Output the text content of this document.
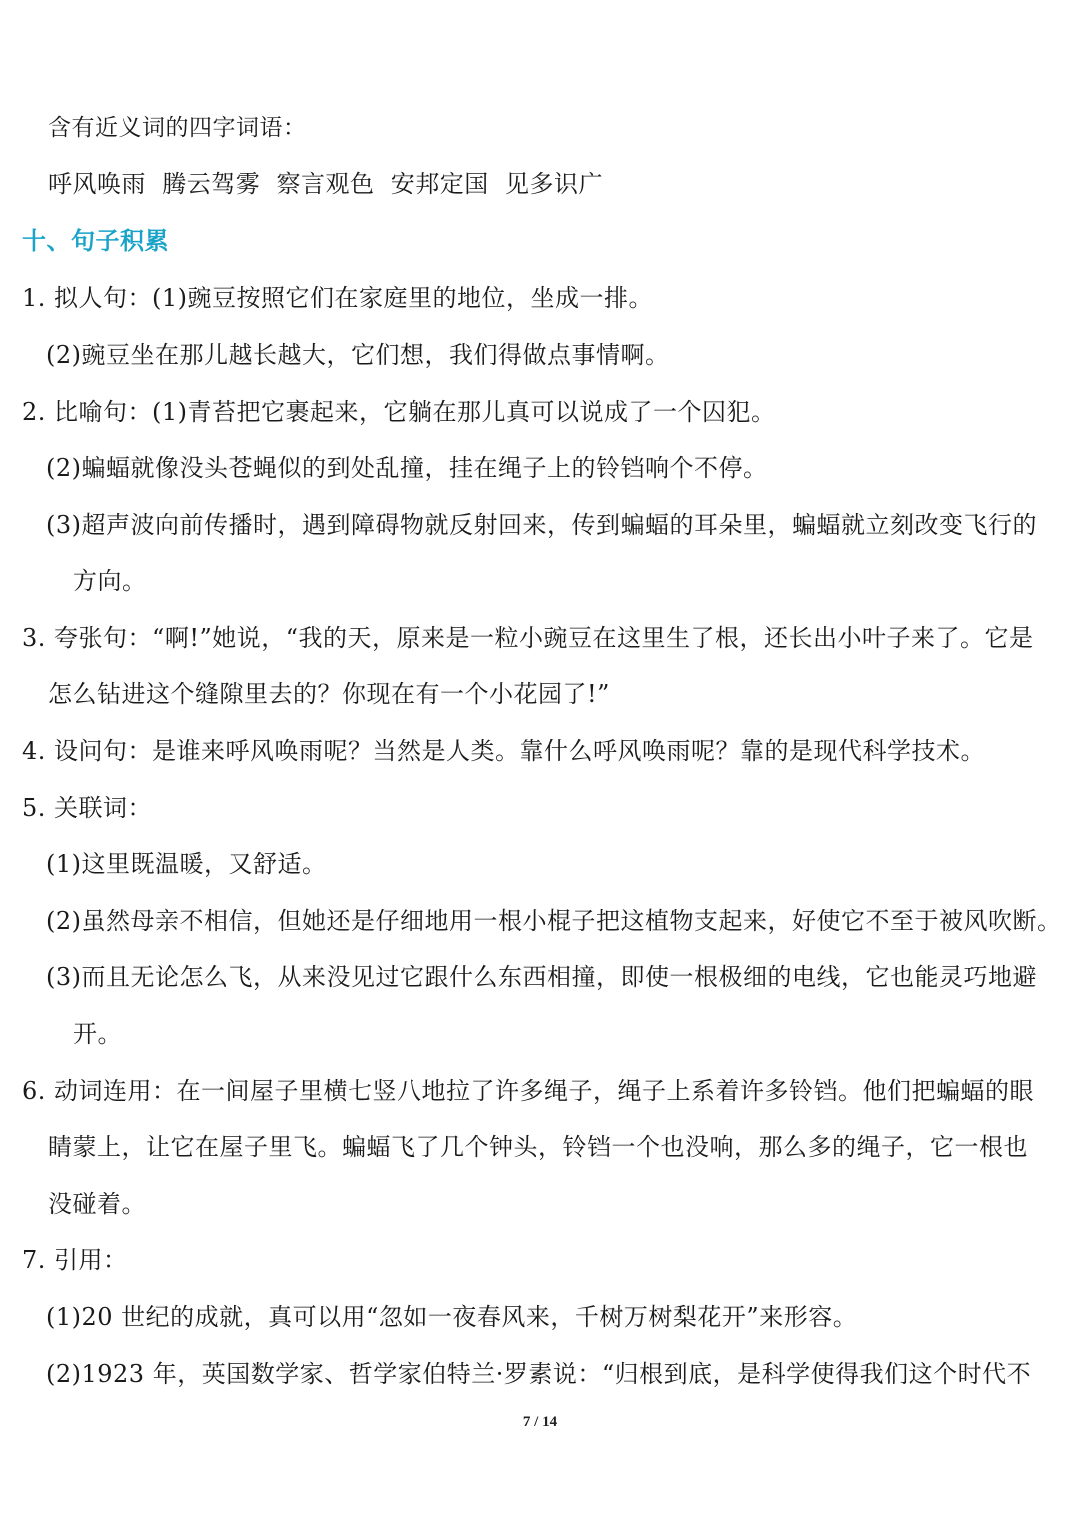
含有近义词的四字词语：
呼风唤雨  腾云驾雾  察言观色  安邦定国  见多识广
十、句子积累
1. 拟人句：(1)豌豆按照它们在家庭里的地位，坐成一排。
(2)豌豆坐在那儿越长越大，它们想，我们得做点事情啊。
2. 比喻句：(1)青苔把它裹起来，它躺在那儿真可以说成了一个囚犯。
(2)蝙蝠就像没头苍蝇似的到处乱撞，挂在绳子上的铃铛响个不停。
(3)超声波向前传播时，遇到障碍物就反射回来，传到蝙蝠的耳朵里，蝙蝠就立刻改变飞行的
方向。
3. 夸张句：“啊!”她说，“我的天，原来是一粒小豌豆在这里生了根，还长出小叶子来了。它是
怎么钻进这个缝隙里去的？你现在有一个小花园了!”
4. 设问句：是谁来呼风唤雨呢？当然是人类。靠什么呼风唤雨呢？靠的是现代科学技术。
5. 关联词：
(1)这里既温暖，又舒适。
(2)虽然母亲不相信，但她还是仔细地用一根小棍子把这植物支起来，好使它不至于被风吹断。
(3)而且无论怎么飞，从来没见过它跟什么东西相撞，即使一根极细的电线，它也能灵巧地避
开。
6. 动词连用：在一间屋子里横七竖八地拉了许多绳子，绳子上系着许多铃铛。他们把蝙蝠的眼
睛蒙上，让它在屋子里飞。蝙蝠飞了几个钟头，铃铛一个也没响，那么多的绳子，它一根也
没碰着。
7. 引用：
(1)20 世纪的成就，真可以用“忽如一夜春风来，千树万树梨花开”来形容。
(2)1923 年，英国数学家、哲学家伯特兰·罗素说：“归根到底，是科学使得我们这个时代不
7 / 14
